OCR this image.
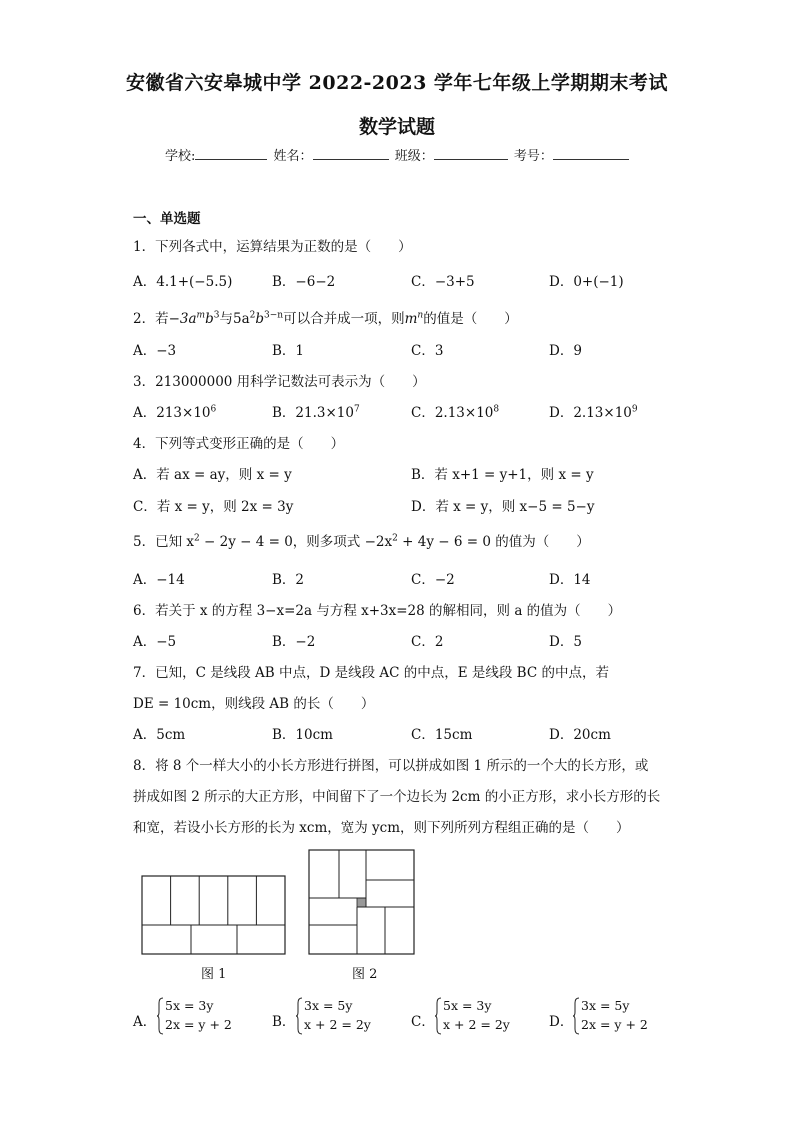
安徽省六安皋城中学 2022-2023 学年七年级上学期期末考试
数学试题
学校:	姓名：	班级：	考号：
一、单选题
1．下列各式中，运算结果为正数的是（　　）
A．4.1+(−5.5)	B．−6−2	C．−3+5	D．0+(−1)
2．若$-3a^mb^3$与$5a^2b^{3-n}$可以合并成一项，则$m^n$的值是（　　）
A．−3	B．1	C．3	D．9
3．213000000 用科学记数法可表示为（　　）
A．$213\times 10^6$	B．$21.3\times 10^7$	C．$2.13\times 10^8$	D．$2.13\times 10^9$
4．下列等式变形正确的是（　　）
A．若 ax = ay，则 x = y	B．若 x+1 = y+1，则 x = y
C．若 x = y，则 2x = 3y	D．若 x = y，则 x−5 = 5−y
5．已知 $x^2 - 2y - 4 = 0$，则多项式 $-2x^2 + 4y - 6 = 0$ 的值为（　　）
A．−14	B．2	C．−2	D．14
6．若关于 x 的方程 3−x=2a 与方程 x+3x=28 的解相同，则 a 的值为（　　）
A．−5	B．−2	C．2	D．5
7．已知，C 是线段 AB 中点，D 是线段 AC 的中点，E 是线段 BC 的中点，若
DE = 10cm，则线段 AB 的长（　　）
A．5cm	B．10cm	C．15cm	D．20cm
8．将 8 个一样大小的小长方形进行拼图，可以拼成如图 1 所示的一个大的长方形，或
拼成如图 2 所示的大正方形，中间留下了一个边长为 2cm 的小正方形，求小长方形的长
和宽，若设小长方形的长为 xcm，宽为 ycm，则下列所列方程组正确的是（　　）
图 1	图 2
A．
5x = 3y
2x = y + 2	B．
3x = 5y
x + 2 = 2y	C．
5x = 3y
x + 2 = 2y	D．
3x = 5y
2x = y + 2
